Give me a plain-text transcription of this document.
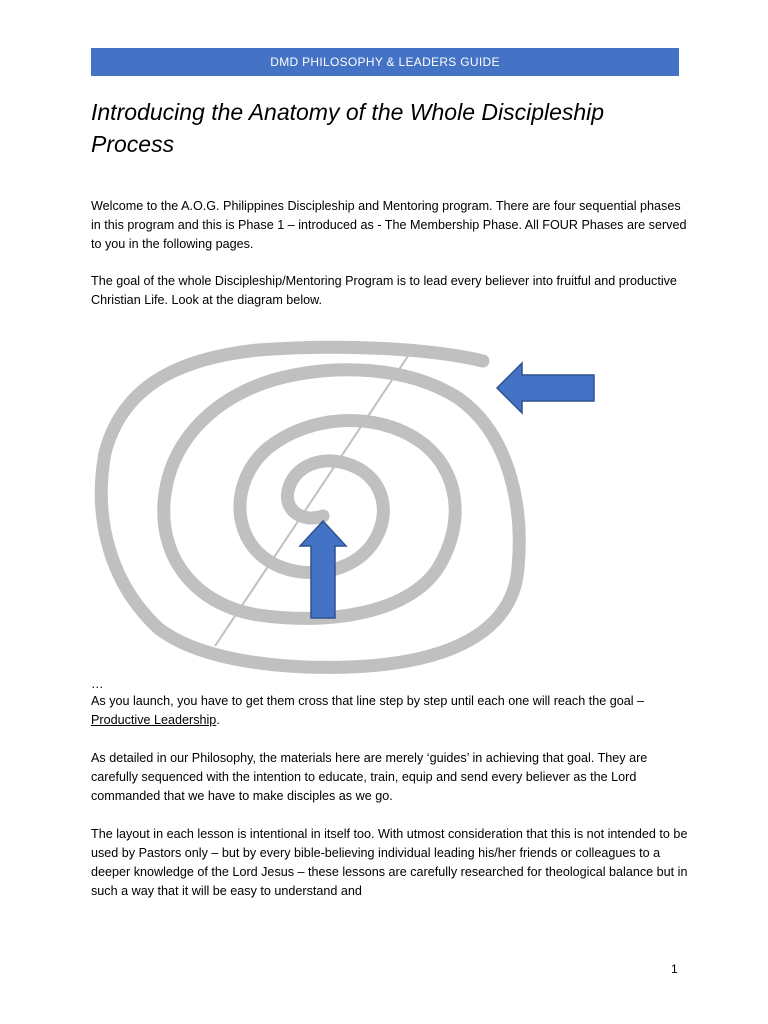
DMD PHILOSOPHY & LEADERS GUIDE
Introducing the Anatomy of the Whole Discipleship Process

Welcome to the A.O.G. Philippines Discipleship and Mentoring program. There are four sequential phases in this program and this is Phase 1 – introduced as - The Membership Phase. All FOUR Phases are served to you in the following pages.

The goal of the whole Discipleship/Mentoring Program is to lead every believer into fruitful and productive Christian Life. Look at the diagram below.

…

As you launch, you have to get them cross that line step by step until each one will reach the goal – Productive Leadership.

As detailed in our Philosophy, the materials here are merely ‘guides’ in achieving that goal. They are carefully sequenced with the intention to educate, train, equip and send every believer as the Lord commanded that we have to make disciples as we go.

The layout in each lesson is intentional in itself too. With utmost consideration that this is not intended to be used by Pastors only – but by every bible-believing individual leading his/her friends or colleagues to a deeper knowledge of the Lord Jesus – these lessons are carefully researched for theological balance but in such a way that it will be easy to understand and

1
